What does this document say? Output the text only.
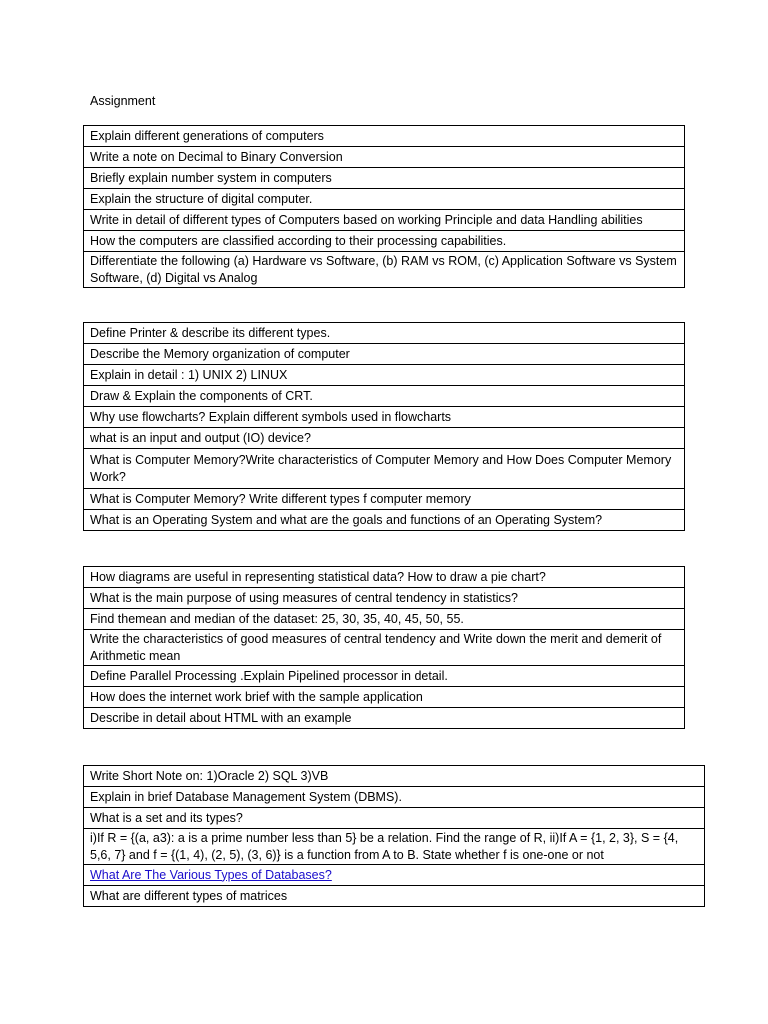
Assignment
Explain different generations of computers
Write a note on Decimal to Binary Conversion
Briefly explain number system in computers
Explain the structure of digital computer.
Write in detail of different types of Computers based on working Principle and data Handling abilities
How the computers are classified according to their processing capabilities.
Differentiate the following (a) Hardware vs Software, (b) RAM vs ROM, (c) Application Software vs System Software, (d) Digital vs Analog
Define Printer & describe its different types.
Describe the Memory organization of computer
Explain in detail : 1) UNIX 2) LINUX
Draw & Explain the components of CRT.
Why use flowcharts? Explain different symbols used in flowcharts
what is an input and output (IO) device?
What is Computer Memory?Write characteristics of Computer Memory and How Does Computer Memory Work?
What is Computer Memory? Write different types f computer memory
What is an Operating System and what are the goals and functions of an Operating System?
How diagrams are useful in representing statistical data? How to draw a pie chart?
What is the main purpose of using measures of central tendency in statistics?
Find themean and median of the dataset: 25, 30, 35, 40, 45, 50, 55.
Write the characteristics of good measures of central tendency and Write down the merit and demerit of Arithmetic mean
Define Parallel Processing .Explain Pipelined processor in detail.
How does the internet work brief with the sample application
Describe in detail about HTML with an example
Write Short Note on: 1)Oracle 2) SQL 3)VB
Explain in brief Database Management System (DBMS).
What is a set and its types?
i)If R = {(a, a3): a is a prime number less than 5} be a relation. Find the range of R, ii)If A = {1, 2, 3}, S = {4, 5,6, 7} and f = {(1, 4), (2, 5), (3, 6)} is a function from A to B. State whether f is one-one or not
What Are The Various Types of Databases?
What are different types of matrices
